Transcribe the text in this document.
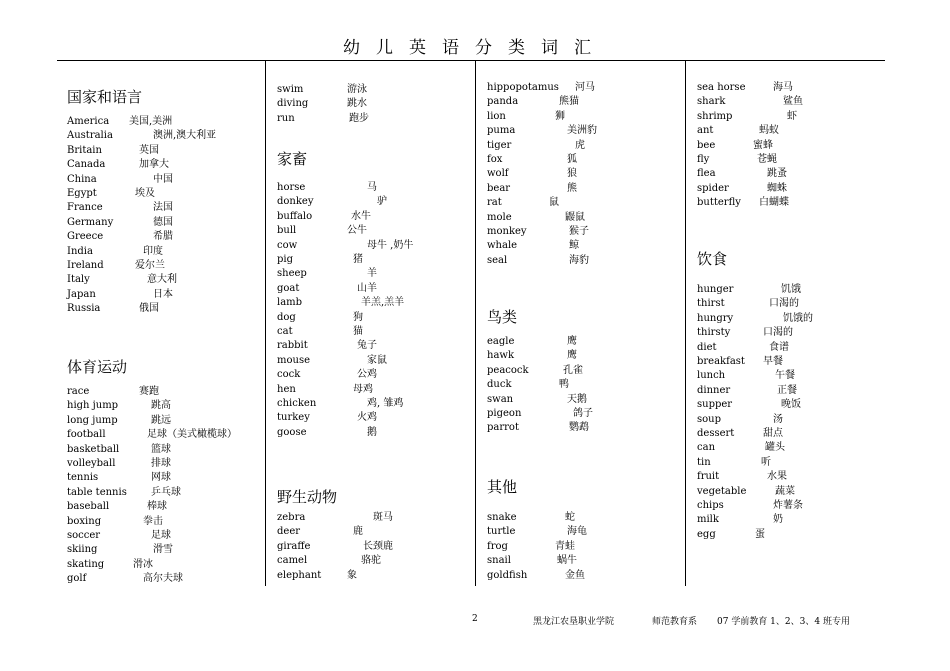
幼儿英语分类词汇
国家和语言
America 美国,美洲
Australia	澳洲,澳大利亚
Britain	英国
Canada	加拿大
China	中国
Egypt	埃及
France	法国
Germany	德国
Greece	希腊
India	印度
Ireland	爱尔兰
Italy	意大利
Japan	日本
Russia	俄国
体育运动
race	赛跑
high jump	跳高
long jump	跳远
football	足球（美式橄榄球）
basketball	篮球
volleyball	排球
tennis	网球
table tennis 乒乓球
baseball	棒球
boxing	拳击
soccer	足球
skiing	滑雪
skating	滑冰
golf	高尔夫球
swim	游泳
diving	跳水
run	跑步
家畜
horse	马
donkey	驴
buffalo	水牛
bull	公牛
cow	母牛 ,奶牛
pig	猪
sheep	羊
goat	山羊
lamb	羊羔,羔羊
dog	狗
cat	猫
rabbit	兔子
mouse	家鼠
cock	公鸡
hen	母鸡
chicken	鸡, 雏鸡
turkey	火鸡
goose	鹅
野生动物
zebra	斑马
deer	鹿
giraffe	长颈鹿
camel	骆驼
elephant	象
hippopotamus 河马
panda	熊猫
lion	狮
puma	美洲豹
tiger	虎
fox	狐
wolf	狼
bear	熊
rat	鼠
mole	鼹鼠
monkey	猴子
whale	鲸
seal	海豹
鸟类
eagle	鹰
hawk	鹰
peacock	孔雀
duck	鸭
swan	天鹅
pigeon	鸽子
parrot	鹦鹉
其他
snake	蛇
turtle	海龟
frog	青蛙
snail	蜗牛
goldfish	金鱼
sea horse	海马
shark	鲨鱼
shrimp	虾
ant	蚂蚁
bee	蜜蜂
fly	苍蝇
flea	跳蚤
spider	蜘蛛
butterfly 白蝴蝶
饮食
hunger	饥饿
thirst	口渴的
hungry	饥饿的
thirsty	口渴的
diet	食谱
breakfast 早餐
lunch	午餐
dinner	正餐
supper	晚饭
soup	汤
dessert	甜点
can	罐头
tin	听
fruit	水果
vegetable	蔬菜
chips	炸薯条
milk	奶
egg	蛋
2	黑龙江农垦职业学院	师范教育系 07 学前教育 1、2、3、4 班专用
